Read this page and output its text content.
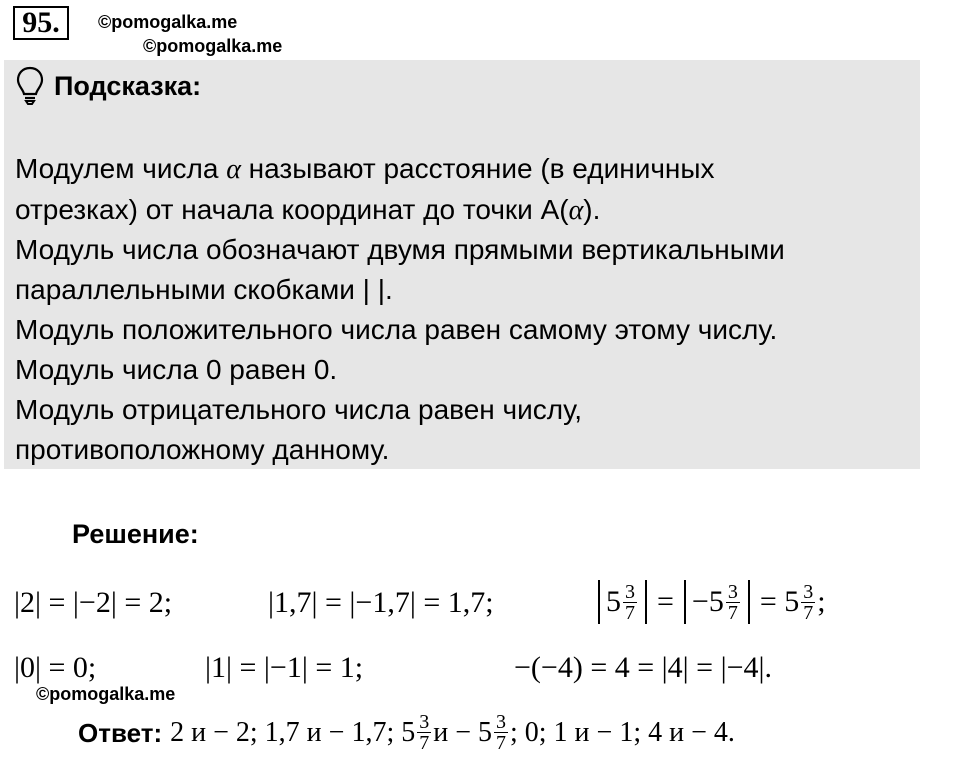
95.	©pomogalka.me
©pomogalka.me
Подсказка:
Модулем числа α называют расстояние (в единичных
отрезках) от начала координат до точки А(α).
Модуль числа обозначают двумя прямыми вертикальными
параллельными скобками | |.
Модуль положительного числа равен самому этому числу.
Модуль числа 0 равен 0.
Модуль отрицательного числа равен числу,
противоположному данному.
Решение:
|2| = |−2| = 2;	|1,7| = |−1,7| = 1,7;	$5 \frac{3}{7} = -5 \frac{3}{7} = 5 \frac{3}{7}$ ;
|0| = 0;	|1| = |−1| = 1;	−(−4) = 4 = |4| = |−4|.
©pomogalka.me
Ответ: 2 и − 2; 1,7 и − 1,7; $5 \frac{3}{7}$ $и - 5 \frac{3}{7}$ ; 0; 1 и − 1; 4 и − 4.
